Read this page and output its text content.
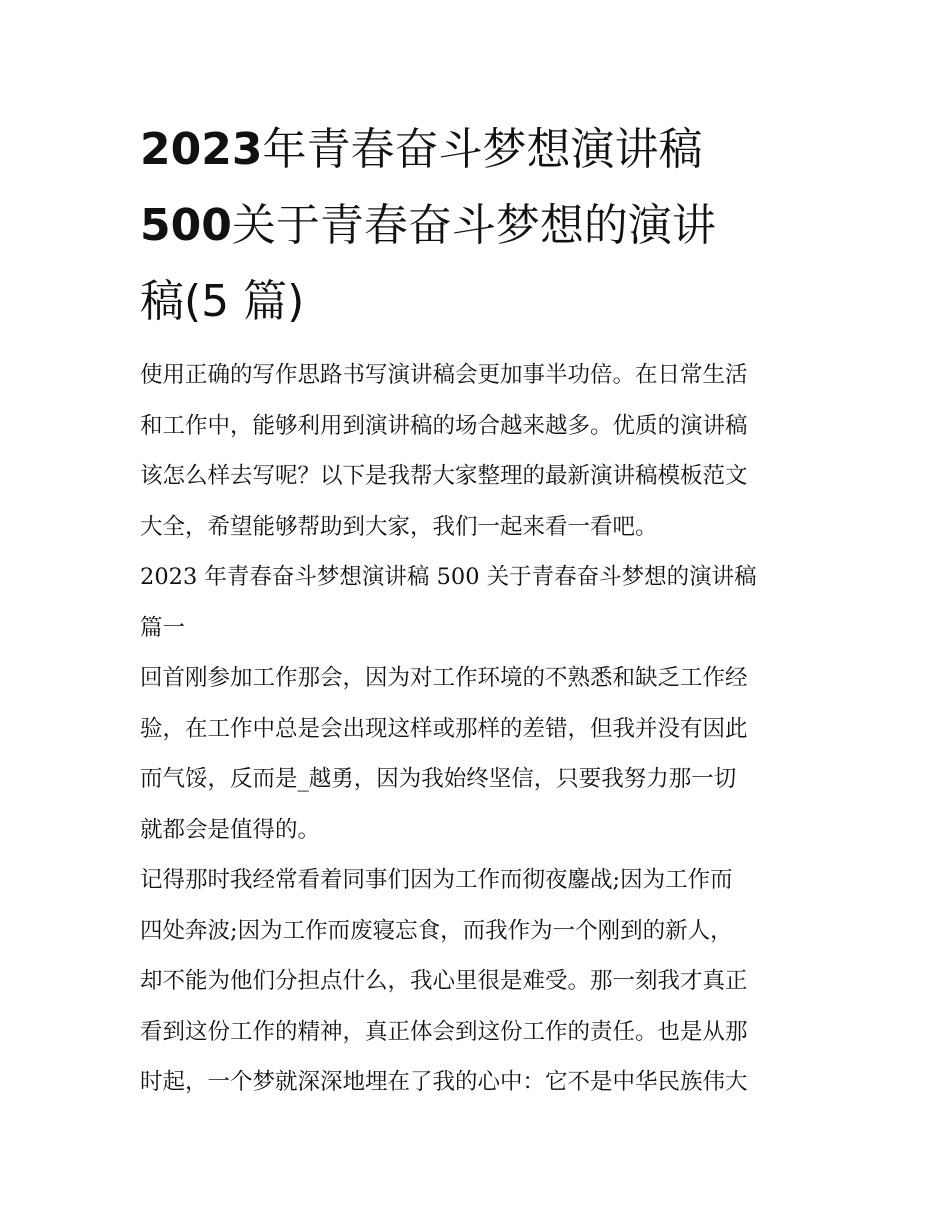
2023年青春奋斗梦想演讲稿
500关于青春奋斗梦想的演讲
稿(5 篇)

使用正确的写作思路书写演讲稿会更加事半功倍。在日常生活
和工作中，能够利用到演讲稿的场合越来越多。优质的演讲稿
该怎么样去写呢？以下是我帮大家整理的最新演讲稿模板范文
大全，希望能够帮助到大家，我们一起来看一看吧。

2023 年青春奋斗梦想演讲稿 500 关于青春奋斗梦想的演讲稿
篇一

回首刚参加工作那会，因为对工作环境的不熟悉和缺乏工作经
验，在工作中总是会出现这样或那样的差错，但我并没有因此
而气馁，反而是_越勇，因为我始终坚信，只要我努力那一切
就都会是值得的。

记得那时我经常看着同事们因为工作而彻夜鏖战;因为工作而
四处奔波;因为工作而废寝忘食，而我作为一个刚到的新人，
却不能为他们分担点什么，我心里很是难受。那一刻我才真正
看到这份工作的精神，真正体会到这份工作的责任。也是从那
时起，一个梦就深深地埋在了我的心中：它不是中华民族伟大
